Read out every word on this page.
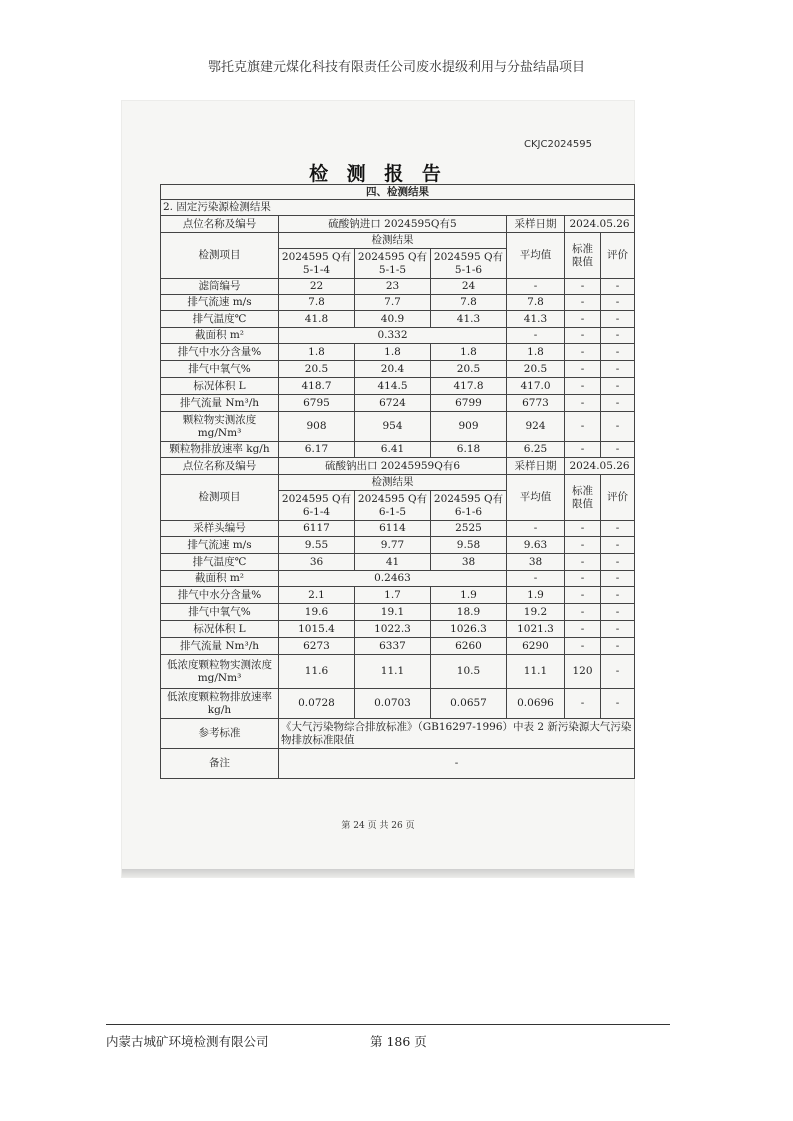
鄂托克旗建元煤化科技有限责任公司废水提级利用与分盐结晶项目
CKJC2024595
检 测 报 告
四、检测结果						
2. 固定污染源检测结果						
点位名称及编号	硫酸钠进口 2024595Q有5			采样日期	2024.05.26	
检测项目	检测结果			平均值	标准限值	评价
	2024595 Q有5-1-4	2024595 Q有5-1-5	2024595 Q有5-1-6			
滤筒编号	22	23	24	-	-	-
排气流速 m/s	7.8	7.7	7.8	7.8	-	-
排气温度℃	41.8	40.9	41.3	41.3	-	-
截面积 m²	0.332			-	-	-
排气中水分含量%	1.8	1.8	1.8	1.8	-	-
排气中氧气%	20.5	20.4	20.5	20.5	-	-
标况体积 L	418.7	414.5	417.8	417.0	-	-
排气流量 Nm³/h	6795	6724	6799	6773	-	-
颗粒物实测浓度 mg/Nm³	908	954	909	924	-	-
颗粒物排放速率 kg/h	6.17	6.41	6.18	6.25	-	-
点位名称及编号	硫酸钠出口 20245959Q有6			采样日期	2024.05.26	
检测项目	检测结果			平均值	标准限值	评价
	2024595 Q有6-1-4	2024595 Q有6-1-5	2024595 Q有6-1-6			
采样头编号	6117	6114	2525	-	-	-
排气流速 m/s	9.55	9.77	9.58	9.63	-	-
排气温度℃	36	41	38	38	-	-
截面积 m²	0.2463			-	-	-
排气中水分含量%	2.1	1.7	1.9	1.9	-	-
排气中氧气%	19.6	19.1	18.9	19.2	-	-
标况体积 L	1015.4	1022.3	1026.3	1021.3	-	-
排气流量 Nm³/h	6273	6337	6260	6290	-	-
低浓度颗粒物实测浓度 mg/Nm³	11.6	11.1	10.5	11.1	120	-
低浓度颗粒物排放速率 kg/h	0.0728	0.0703	0.0657	0.0696	-	-
参考标准	《大气污染物综合排放标准》（GB16297-1996）中表 2 新污染源大气污染物排放标准限值					
备注	-					
第 24 页 共 26 页
内蒙古城矿环境检测有限公司	第 186 页
